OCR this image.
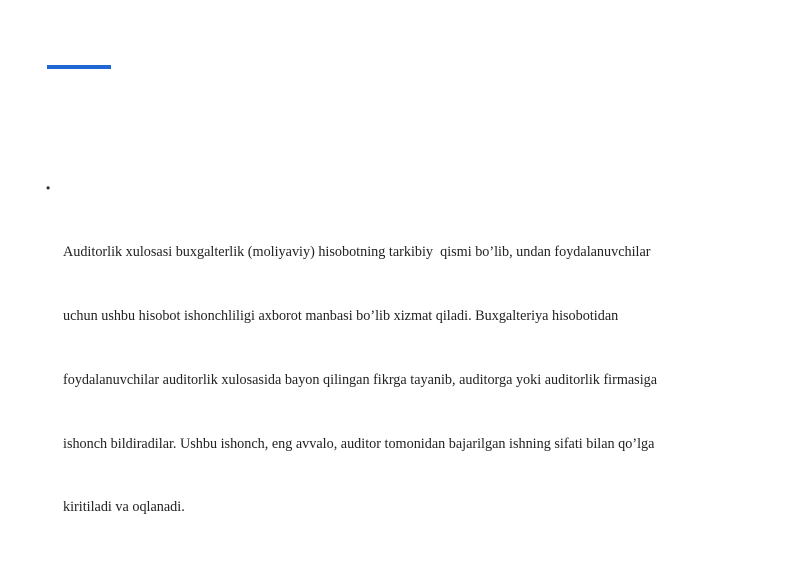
•

Auditorlik xulosasi buxgalterlik (moliyaviy) hisobotning tarkibiy  qismi bo’lib, undan foydalanuvchilar

uchun ushbu hisobot ishonchliligi axborot manbasi bo’lib xizmat qiladi. Buxgalteriya hisobotidan

foydalanuvchilar auditorlik xulosasida bayon qilingan fikrga tayanib, auditorga yoki auditorlik firmasiga

ishonch bildiradilar. Ushbu ishonch, eng avvalo, auditor tomonidan bajarilgan ishning sifati bilan qo’lga

kiritiladi va oqlanadi.
